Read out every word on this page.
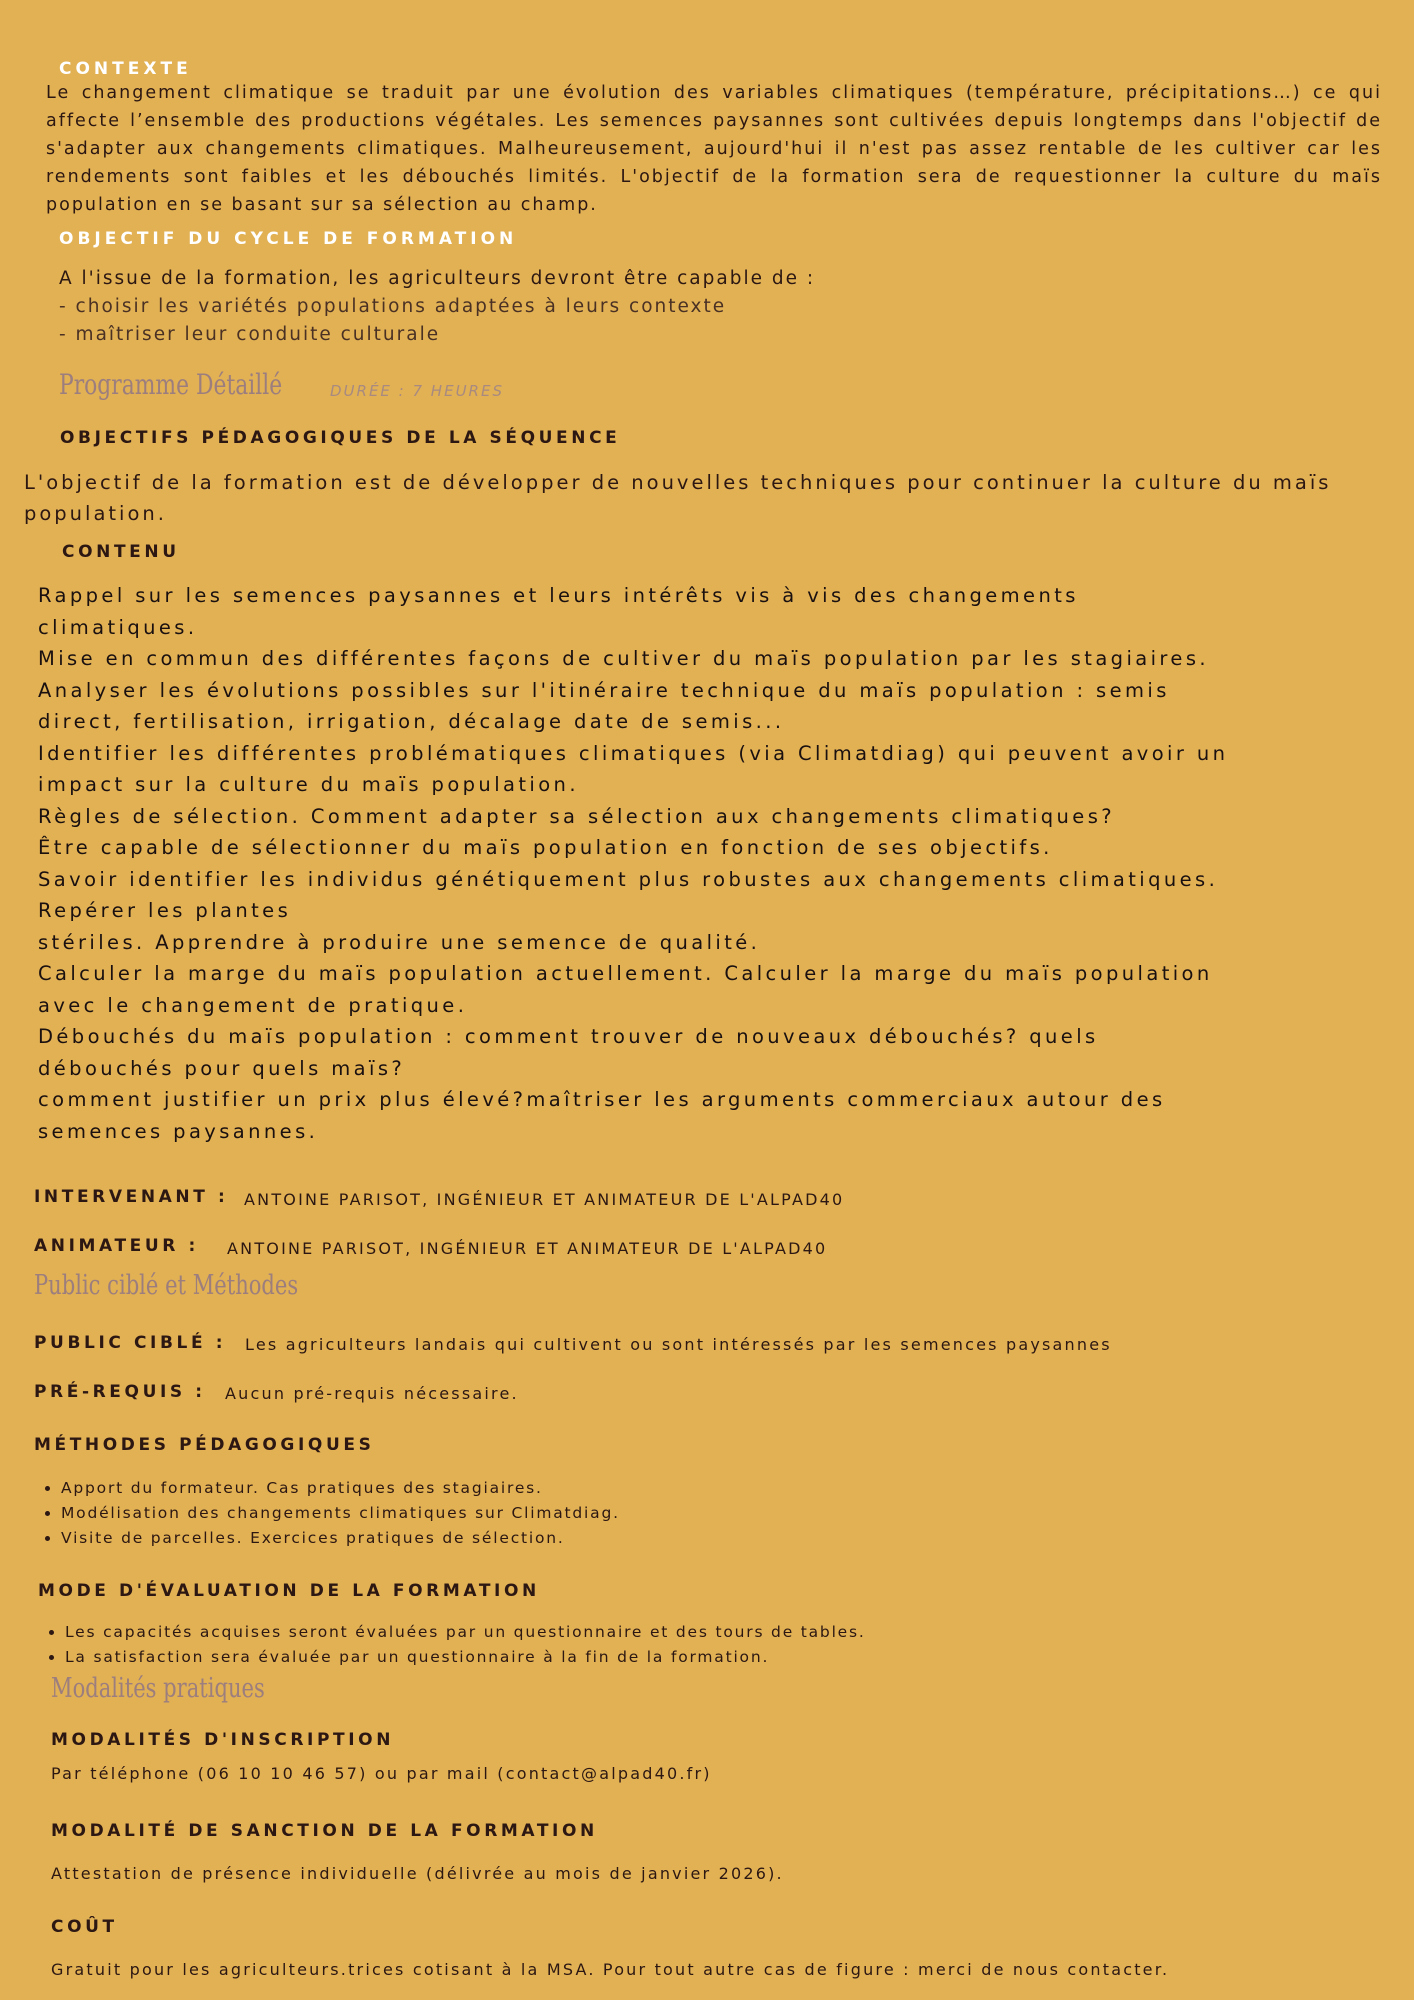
CONTEXTE
Le changement climatique se traduit par une évolution des variables climatiques (température, précipitations…) ce qui affecte l’ensemble des productions végétales. Les semences paysannes sont cultivées depuis longtemps dans l'objectif de s'adapter aux changements climatiques. Malheureusement, aujourd'hui il n'est pas assez rentable de les cultiver car les rendements sont faibles et les débouchés limités. L'objectif de la formation sera de requestionner la culture du maïs population en se basant sur sa sélection au champ.
OBJECTIF DU CYCLE DE FORMATION
A l'issue de la formation, les agriculteurs devront être capable de :
- choisir les variétés populations adaptées à leurs contexte
- maîtriser leur conduite culturale
Programme Détaillé	DURÉE : 7 HEURES
OBJECTIFS PÉDAGOGIQUES DE LA SÉQUENCE
L'objectif de la formation est de développer de nouvelles techniques pour continuer la culture du maïs population.
CONTENU
Rappel sur les semences paysannes et leurs intérêts vis à vis des changements
climatiques.
Mise en commun des différentes façons de cultiver du maïs population par les stagiaires.
Analyser les évolutions possibles sur l'itinéraire technique du maïs population : semis
direct, fertilisation, irrigation, décalage date de semis...
Identifier les différentes problématiques climatiques (via Climatdiag) qui peuvent avoir un
impact sur la culture du maïs population.
Règles de sélection. Comment adapter sa sélection aux changements climatiques?
Être capable de sélectionner du maïs population en fonction de ses objectifs.
Savoir identifier les individus génétiquement plus robustes aux changements climatiques.
Repérer les plantes
stériles. Apprendre à produire une semence de qualité.
Calculer la marge du maïs population actuellement. Calculer la marge du maïs population
avec le changement de pratique.
Débouchés du maïs population : comment trouver de nouveaux débouchés? quels
débouchés pour quels maïs?
comment justifier un prix plus élevé?maîtriser les arguments commerciaux autour des
semences paysannes.
INTERVENANT : ANTOINE PARISOT, INGÉNIEUR ET ANIMATEUR DE L'ALPAD40
ANIMATEUR : ANTOINE PARISOT, INGÉNIEUR ET ANIMATEUR DE L'ALPAD40
Public ciblé et Méthodes
PUBLIC CIBLÉ : Les agriculteurs landais qui cultivent ou sont intéressés par les semences paysannes
PRÉ-REQUIS : Aucun pré-requis nécessaire.
MÉTHODES PÉDAGOGIQUES
• Apport du formateur. Cas pratiques des stagiaires.
• Modélisation des changements climatiques sur Climatdiag.
• Visite de parcelles. Exercices pratiques de sélection.
MODE D'ÉVALUATION DE LA FORMATION
• Les capacités acquises seront évaluées par un questionnaire et des tours de tables.
• La satisfaction sera évaluée par un questionnaire à la fin de la formation.
Modalités pratiques
MODALITÉS D'INSCRIPTION
Par téléphone (06 10 10 46 57) ou par mail (contact@alpad40.fr)
MODALITÉ DE SANCTION DE LA FORMATION
Attestation de présence individuelle (délivrée au mois de janvier 2026).
COÛT
Gratuit pour les agriculteurs.trices cotisant à la MSA. Pour tout autre cas de figure : merci de nous contacter.
